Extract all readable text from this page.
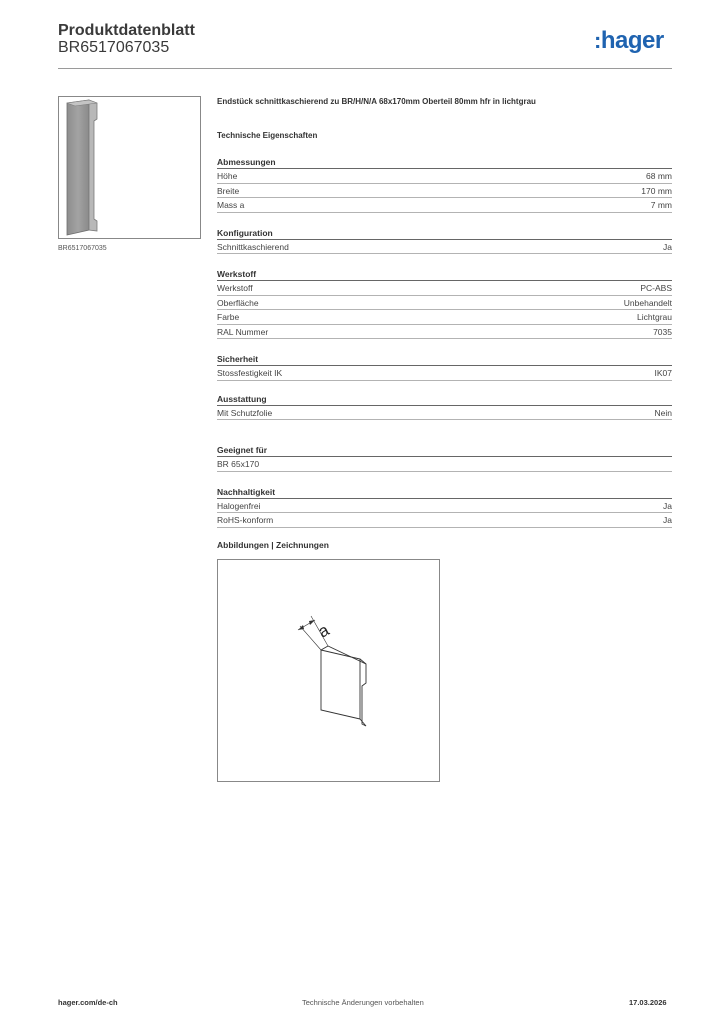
Produktdatenblatt
BR6517067035	:hager
BR6517067035
Endstück schnittkaschierend zu BR/H/N/A 68x170mm Oberteil 80mm hfr in lichtgrau
Technische Eigenschaften
Abmessungen
Höhe	68 mm
Breite	170 mm
Mass a	7 mm
Konfiguration
Schnittkaschierend	Ja
Werkstoff
Werkstoff	PC-ABS
Oberfläche	Unbehandelt
Farbe	Lichtgrau
RAL Nummer	7035
Sicherheit
Stossfestigkeit IK	IK07
Ausstattung
Mit Schutzfolie	Nein
Geeignet für
BR 65x170
Nachhaltigkeit
Halogenfrei	Ja
RoHS-konform	Ja
Abbildungen | Zeichnungen
a
hager.com/de-ch	Technische Änderungen vorbehalten	17.03.2026
